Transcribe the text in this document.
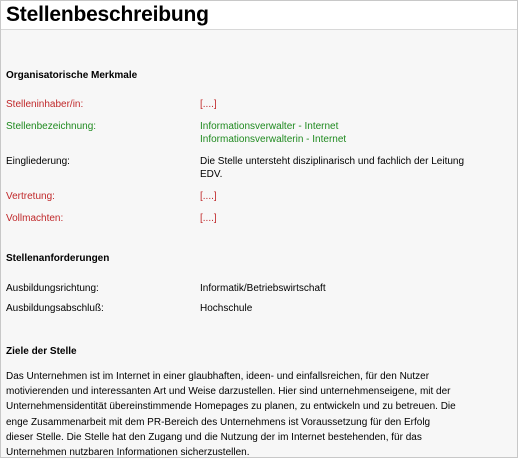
Stellenbeschreibung
Organisatorische Merkmale
Stelleninhaber/in:	[....]
Stellenbezeichnung:	Informationsverwalter - Internet
Informationsverwalterin - Internet
Eingliederung:	Die Stelle untersteht disziplinarisch und fachlich der Leitung
EDV.
Vertretung:	[....]
Vollmachten:	[....]
Stellenanforderungen
Ausbildungsrichtung:	Informatik/Betriebswirtschaft
Ausbildungsabschluß:	Hochschule
Ziele der Stelle
Das Unternehmen ist im Internet in einer glaubhaften, ideen- und einfallsreichen, für den Nutzer
motivierenden und interessanten Art und Weise darzustellen. Hier sind unternehmenseigene, mit der
Unternehmensidentität übereinstimmende Homepages zu planen, zu entwickeln und zu betreuen. Die
enge Zusammenarbeit mit dem PR-Bereich des Unternehmens ist Voraussetzung für den Erfolg
dieser Stelle. Die Stelle hat den Zugang und die Nutzung der im Internet bestehenden, für das
Unternehmen nutzbaren Informationen sicherzustellen.
